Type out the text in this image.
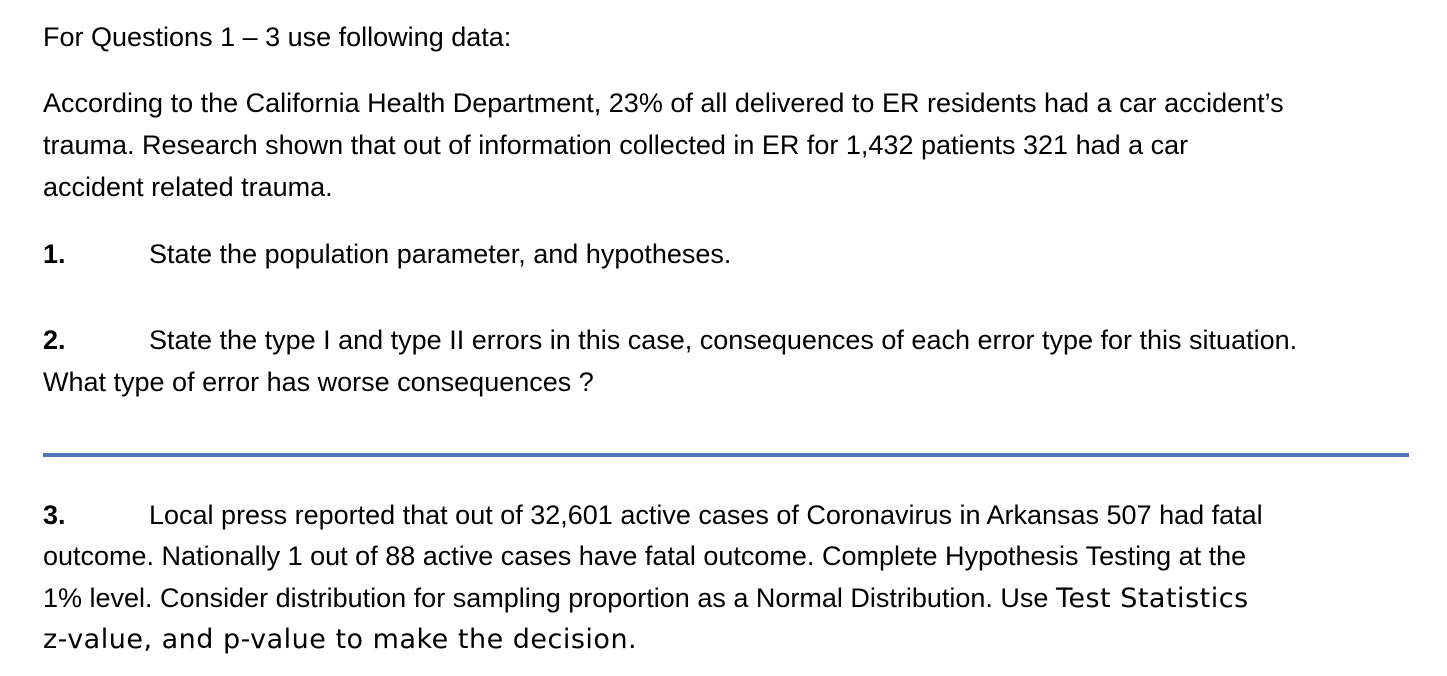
For Questions 1 – 3 use following data:
According to the California Health Department, 23% of all delivered to ER residents had a car accident’s
trauma. Research shown that out of information collected in ER for 1,432 patients 321 had a car
accident related trauma.
1.	State the population parameter, and hypotheses.
2.	State the type I and type II errors in this case, consequences of each error type for this situation.
What type of error has worse consequences ?
3.	Local press reported that out of 32,601 active cases of Coronavirus in Arkansas 507 had fatal
outcome. Nationally 1 out of 88 active cases have fatal outcome. Complete Hypothesis Testing at the
1% level. Consider distribution for sampling proportion as a Normal Distribution. Use Test Statistics
z-value, and p-value to make the decision.
